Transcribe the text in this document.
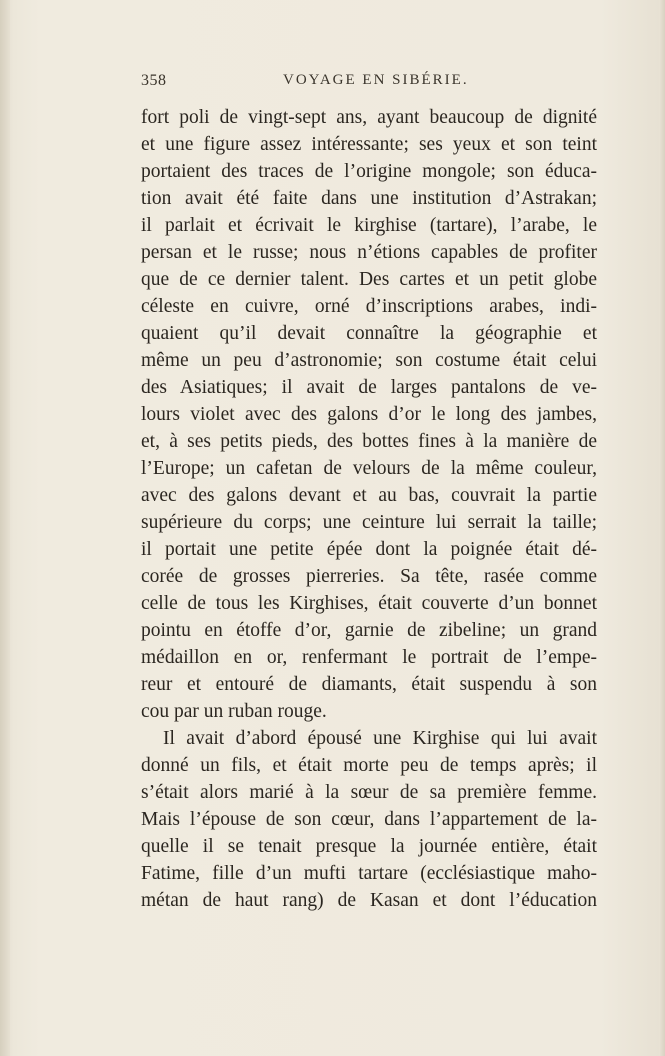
358	VOYAGE EN SIBÉRIE.
fort poli de vingt-sept ans, ayant beaucoup de dignité
et une figure assez intéressante; ses yeux et son teint
portaient des traces de l’origine mongole; son éduca-
tion avait été faite dans une institution d’Astrakan;
il parlait et écrivait le kirghise (tartare), l’arabe, le
persan et le russe; nous n’étions capables de profiter
que de ce dernier talent. Des cartes et un petit globe
céleste en cuivre, orné d’inscriptions arabes, indi-
quaient qu’il devait connaître la géographie et
même un peu d’astronomie; son costume était celui
des Asiatiques; il avait de larges pantalons de ve-
lours violet avec des galons d’or le long des jambes,
et, à ses petits pieds, des bottes fines à la manière de
l’Europe; un cafetan de velours de la même couleur,
avec des galons devant et au bas, couvrait la partie
supérieure du corps; une ceinture lui serrait la taille;
il portait une petite épée dont la poignée était dé-
corée de grosses pierreries. Sa tête, rasée comme
celle de tous les Kirghises, était couverte d’un bonnet
pointu en étoffe d’or, garnie de zibeline; un grand
médaillon en or, renfermant le portrait de l’empe-
reur et entouré de diamants, était suspendu à son
cou par un ruban rouge.
Il avait d’abord épousé une Kirghise qui lui avait
donné un fils, et était morte peu de temps après; il
s’était alors marié à la sœur de sa première femme.
Mais l’épouse de son cœur, dans l’appartement de la-
quelle il se tenait presque la journée entière, était
Fatime, fille d’un mufti tartare (ecclésiastique maho-
métan de haut rang) de Kasan et dont l’éducation
